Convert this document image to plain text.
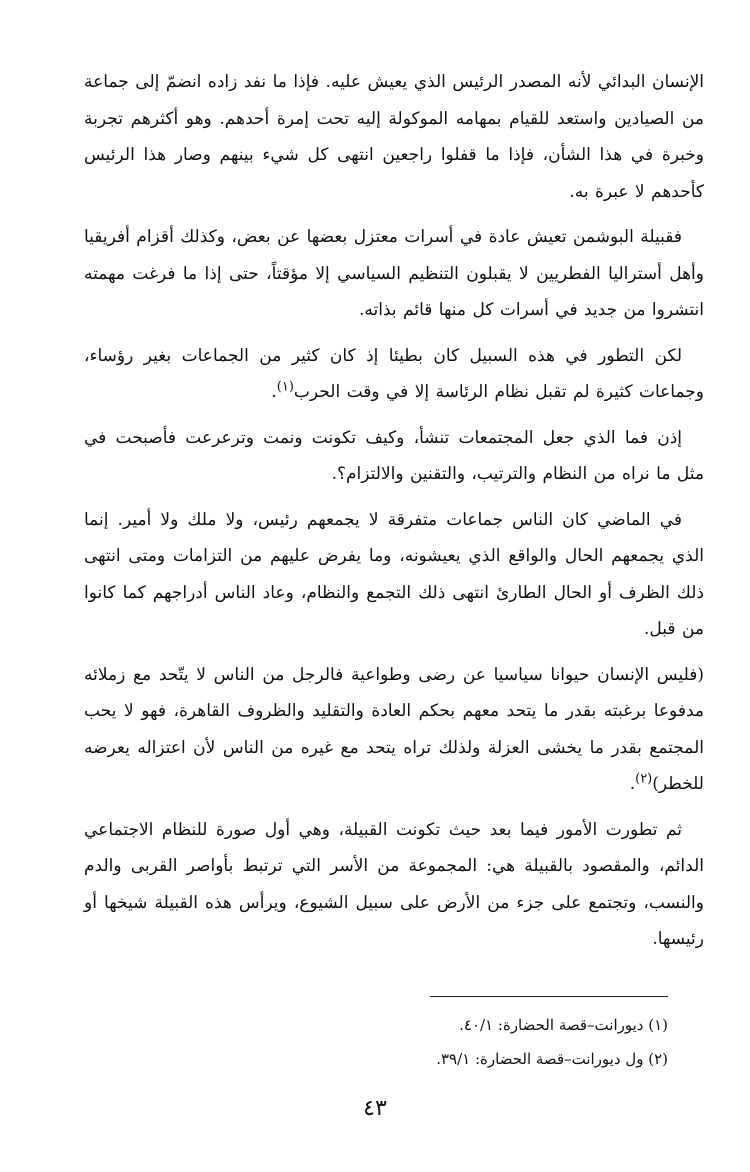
الإنسان البدائي لأنه المصدر الرئيس الذي يعيش عليه. فإذا ما نفد زاده انضمّ إلى جماعة من الصيادين واستعد للقيام بمهامه الموكولة إليه تحت إمرة أحدهم. وهو أكثرهم تجربة وخبرة في هذا الشأن، فإذا ما قفلوا راجعين انتهى كل شيء بينهم وصار هذا الرئيس كأحدهم لا عبرة به.

فقبيلة البوشمن تعيش عادة في أسرات معتزل بعضها عن بعض، وكذلك أقزام أفريقيا وأهل أستراليا الفطريين لا يقبلون التنظيم السياسي إلا مؤقتاً، حتى إذا ما فرغت مهمته انتشروا من جديد في أسرات كل منها قائم بذاته.

لكن التطور في هذه السبيل كان بطيئا إذ كان كثير من الجماعات بغير رؤساء، وجماعات كثيرة لم تقبل نظام الرئاسة إلا في وقت الحرب$^{(١)}$.

إذن فما الذي جعل المجتمعات تنشأ، وكيف تكونت ونمت وترعرعت فأصبحت في مثل ما نراه من النظام والترتيب، والتقنين والالتزام؟.

في الماضي كان الناس جماعات متفرقة لا يجمعهم رئيس، ولا ملك ولا أمير. إنما الذي يجمعهم الحال والواقع الذي يعيشونه، وما يفرض عليهم من التزامات ومتى انتهى ذلك الظرف أو الحال الطارئ انتهى ذلك التجمع والنظام، وعاد الناس أدراجهم كما كانوا من قبل.

(فليس الإنسان حيوانا سياسيا عن رضى وطواعية فالرجل من الناس لا يتّحد مع زملائه مدفوعا برغبته بقدر ما يتحد معهم بحكم العادة والتقليد والظروف القاهرة، فهو لا يحب المجتمع بقدر ما يخشى العزلة ولذلك تراه يتحد مع غيره من الناس لأن اعتزاله يعرضه للخطر)$^{(٢)}$.

ثم تطورت الأمور فيما بعد حيث تكونت القبيلة، وهي أول صورة للنظام الاجتماعي الدائم، والمقصود بالقبيلة هي: المجموعة من الأسر التي ترتبط بأواصر القربى والدم والنسب، وتجتمع على جزء من الأرض على سبيل الشيوع، ويرأس هذه القبيلة شيخها أو رئيسها.

(١) ديورانت–قصة الحضارة: ٤٠/١.

(٢) ول ديورانت–قصة الحضارة: ٣٩/١.

٤٣
